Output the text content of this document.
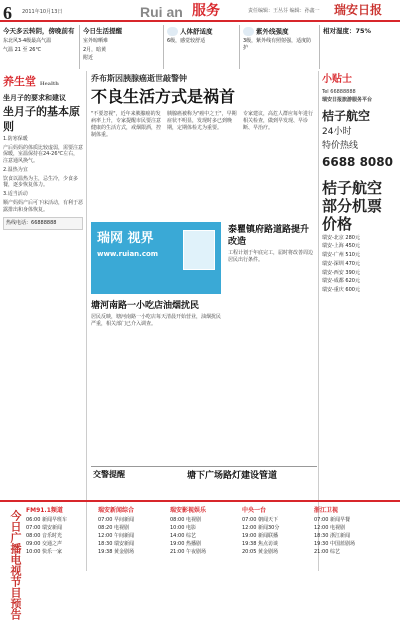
6 2011年10月13日	Rui an 服务	责任编辑：王丛芬 编辑：孙鑫一 瑞安日报
今天多云转阴，傍晚前有
东北风3-4级最高气温
气温 21 至 26℃
今日生活提醒
室外晾晒难
2月，暗黄
附近
人体舒适度
6级，感觉较舒适
紫外线强度
3级，紫外线有照射强，适度防护
相对湿度：75%
养生堂 Health
坐月子的要求和建议
坐月子的基本原则
1.防寒保暖
产后妈妈的体质比较虚弱，需要注意保暖，室温保持在24-26℃左右，注意通风换气。
2.温热为宜
饮食以温热为主，忌生冷，少食多餐，逐步恢复体力。
3.适当活动
顺产妈妈产后可下床活动，有利于恶露排出和身体恢复。
热线电话：66888888
乔布斯因胰腺癌逝世敲警钟
不良生活方式是祸首
"不要忽视"，近年来胰腺癌的发病率上升，专家提醒市民要注意健康的生活方式，戒烟限酒，控制体重。
胰腺癌被称为"癌中之王"，早期症状不明显，发现时多已到晚期，定期体检尤为重要。
专家建议，高危人群应每年进行相关检查，做到早发现、早诊断、早治疗。
小贴士
Tel 66888888
瑞安日报旅游服务平台
桔子航空
24小时
特价热线
6688 8080
桔子航空
部分机票
价格
瑞安-北京 280元
瑞安-上海 450元
瑞安-广州 510元
瑞安-深圳 470元
瑞安-西安 390元
瑞安-成都 620元
瑞安-重庆 600元
瑞网 视界
www.ruian.com
泰瞿镇府路道路提升改造
工程计划于年底完工，届时将改善周边居民出行条件。
塘河南路一小吃店油烟扰民
居民反映，塘河南路一小吃店每天清晨开始营业，油烟扰民严重，相关部门已介入调查。
交警提醒	塘下广场路灯建设管道
今日广播电视节目预告 FM91.1频道
06:00 新闻早班车
07:00 瑞安新闻
08:00 音乐时光
09:00 交通之声
10:00 快乐一家
瑞安新闻综合
07:00 早间新闻
08:20 电视剧
12:00 午间新闻
18:30 瑞安新闻
19:38 黄金剧场
瑞安影视娱乐
08:00 电视剧
10:00 电影
14:00 综艺
19:00 热播剧
21:00 午夜剧场
中央一台
07:00 朝闻天下
12:00 新闻30分
19:00 新闻联播
19:38 焦点访谈
20:05 黄金剧场
浙江卫视
07:00 新闻早餐
12:00 电视剧
18:30 浙江新闻
19:30 中国蓝剧场
21:00 综艺
